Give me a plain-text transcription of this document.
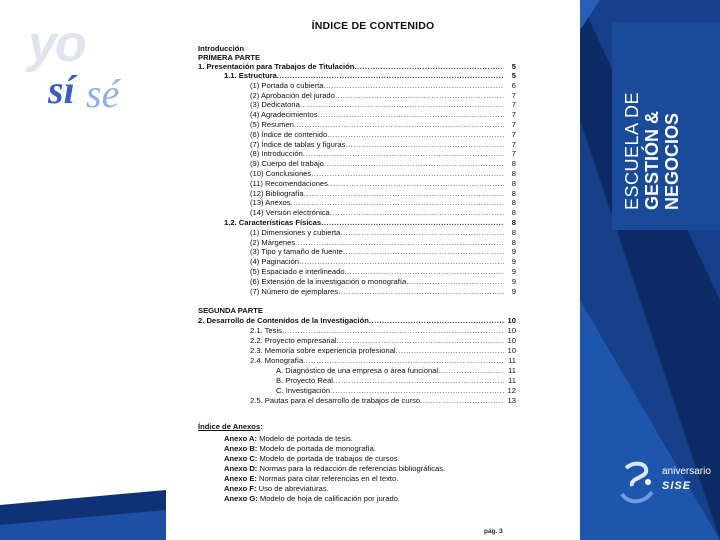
yo
sí sé
ÍNDICE DE CONTENIDO
Introducción
PRIMERA PARTE
1. Presentación para Trabajos de Titulación .....	5
1.1. Estructura .....	5
(1) Portada o cubierta .....	6
(2) Aprobación del jurado .....	7
(3) Dedicatoria .....	7
(4) Agradecimientos .....	7
(5) Resumen .....	7
(6) Índice de contenido .....	7
(7) Índice de tablas y figuras .....	7
(8) Introducción .....	7
(9) Cuerpo del trabajo .....	8
(10) Conclusiones .....	8
(11) Recomendaciones .....	8
(12) Bibliografía .....	8
(13) Anexos .....	8
(14) Versión electrónica .....	8
1.2. Características Físicas .....	8
(1) Dimensiones y cubierta .....	8
(2) Márgenes .....	8
(3) Tipo y tamaño de fuente .....	9
(4) Paginación .....	9
(5) Espaciado e interlineado .....	9
(6) Extensión de la investigación o monografía .....	9
(7) Número de ejemplares .....	9
SEGUNDA PARTE
2. Desarrollo de Contenidos de la Investigación .....	10
2.1. Tesis .....	10
2.2. Proyecto empresarial .....	10
2.3. Memoria sobre experiencia profesional .....	10
2.4. Monografía .....	11
A. Diagnóstico de una empresa o área funcional .....	11
B. Proyecto Real .....	11
C. Investigación .....	12
2.5. Pautas para el desarrollo de trabajos de curso .....	13
Índice de Anexos:
Anexo A: Modelo de portada de tesis.
Anexo B: Modelo de portada de monografía.
Anexo C: Modelo de portada de trabajos de cursos.
Anexo D: Normas para la redacción de referencias bibliográficas.
Anexo E: Normas para citar referencias en el texto.
Anexo F: Uso de abreviaturas.
Anexo G: Modelo de hoja de calificación por jurado.
pág. 3
ESCUELA DE GESTIÓN & NEGOCIOS
aniversario
SISE
